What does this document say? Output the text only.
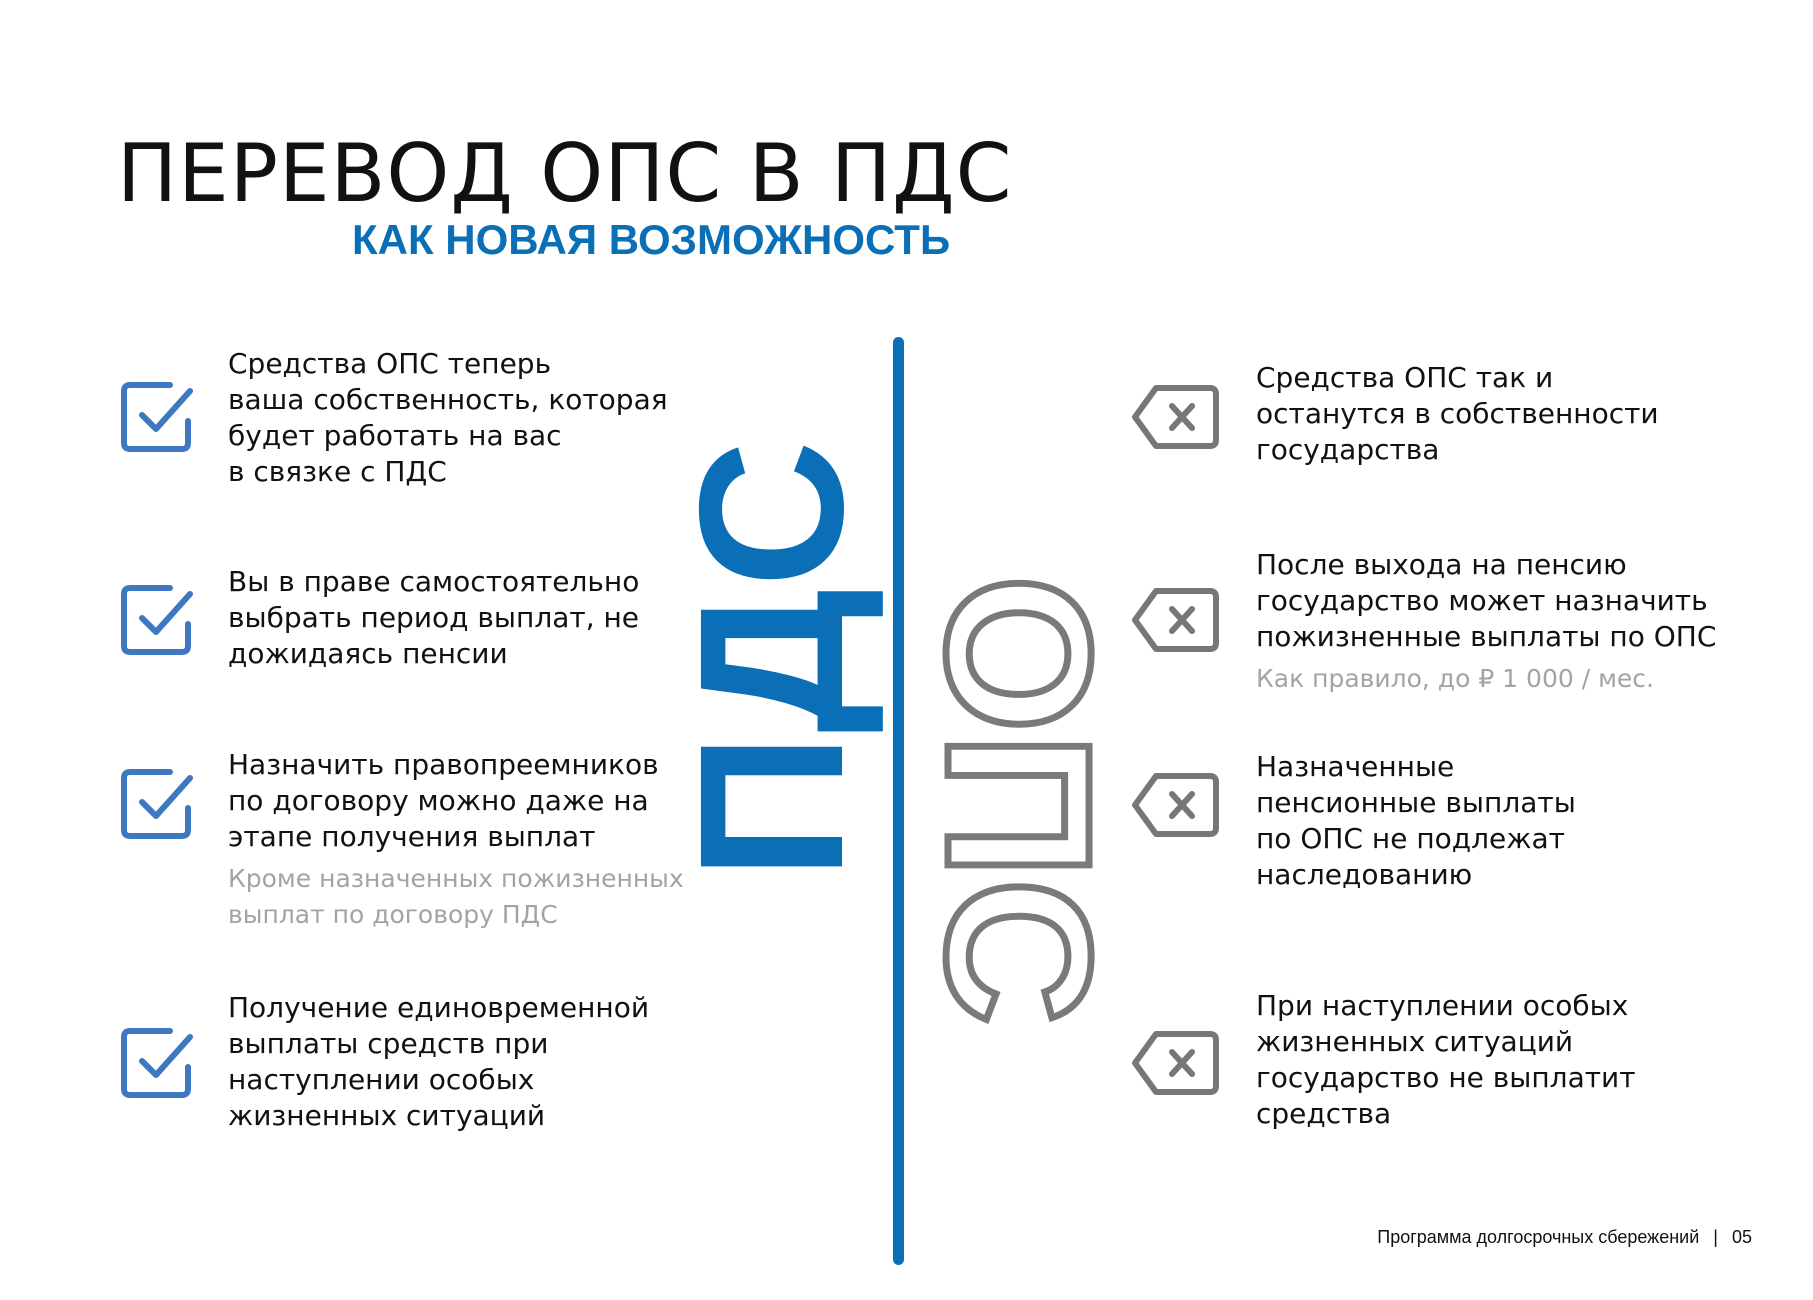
ПЕРЕВОД ОПС В ПДС
КАК НОВАЯ ВОЗМОЖНОСТЬ
Средства ОПС теперь
ваша собственность, которая
будет работать на вас
в связке с ПДС
Вы в праве самостоятельно
выбрать период выплат, не
дожидаясь пенсии
Назначить правопреемников
по договору можно даже на
этапе получения выплат
Кроме назначенных пожизненных
выплат по договору ПДС
Получение единовременной
выплаты средств при
наступлении особых
жизненных ситуаций
ПДС ОПС
Средства ОПС так и
останутся в собственности
государства
После выхода на пенсию
государство может назначить
пожизненные выплаты по ОПС
Как правило, до ₽ 1 000 / мес.
Назначенные
пенсионные выплаты
по ОПС не подлежат
наследованию
При наступлении особых
жизненных ситуаций
государство не выплатит
средства
Программа долгосрочных сбережений | 05
